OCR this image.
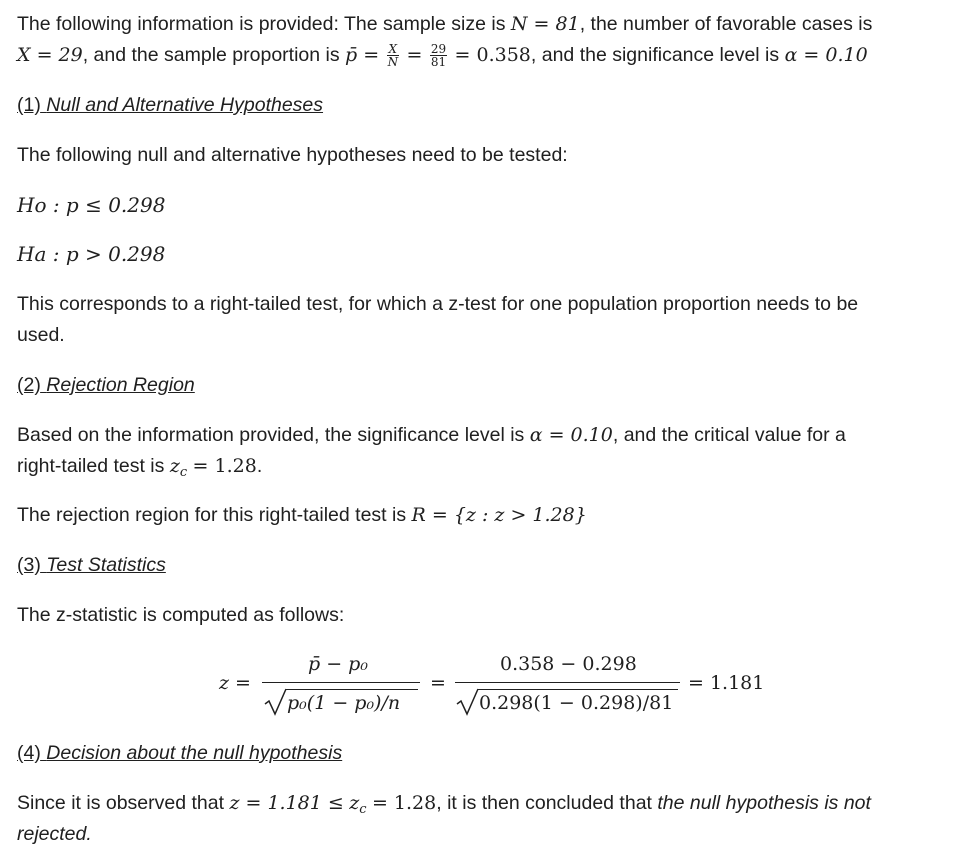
The following information is provided: The sample size is N = 81, the number of favorable cases is

X = 29, and the sample proportion is p̄ = $\frac{X}{N} = \frac{29}{81} = 0.358$, and the significance level is α = 0.10

(1) Null and Alternative Hypotheses

The following null and alternative hypotheses need to be tested:

Ho : p ≤ 0.298

Ha : p > 0.298

This corresponds to a right-tailed test, for which a z-test for one population proportion needs to be

used.

(2) Rejection Region

Based on the information provided, the significance level is α = 0.10, and the critical value for a

right-tailed test is $z_c = 1.28$.

The rejection region for this right-tailed test is R = {z : z > 1.28}

(3) Test Statistics

The z-statistic is computed as follows:

z =
p̄ − p₀
p₀(1 − p₀)/n
=
0.358 − 0.298
0.298(1 − 0.298)/81
= 1.181

(4) Decision about the null hypothesis

Since it is observed that $z = 1.181 \le z_c = 1.28$, it is then concluded that the null hypothesis is not

rejected.
